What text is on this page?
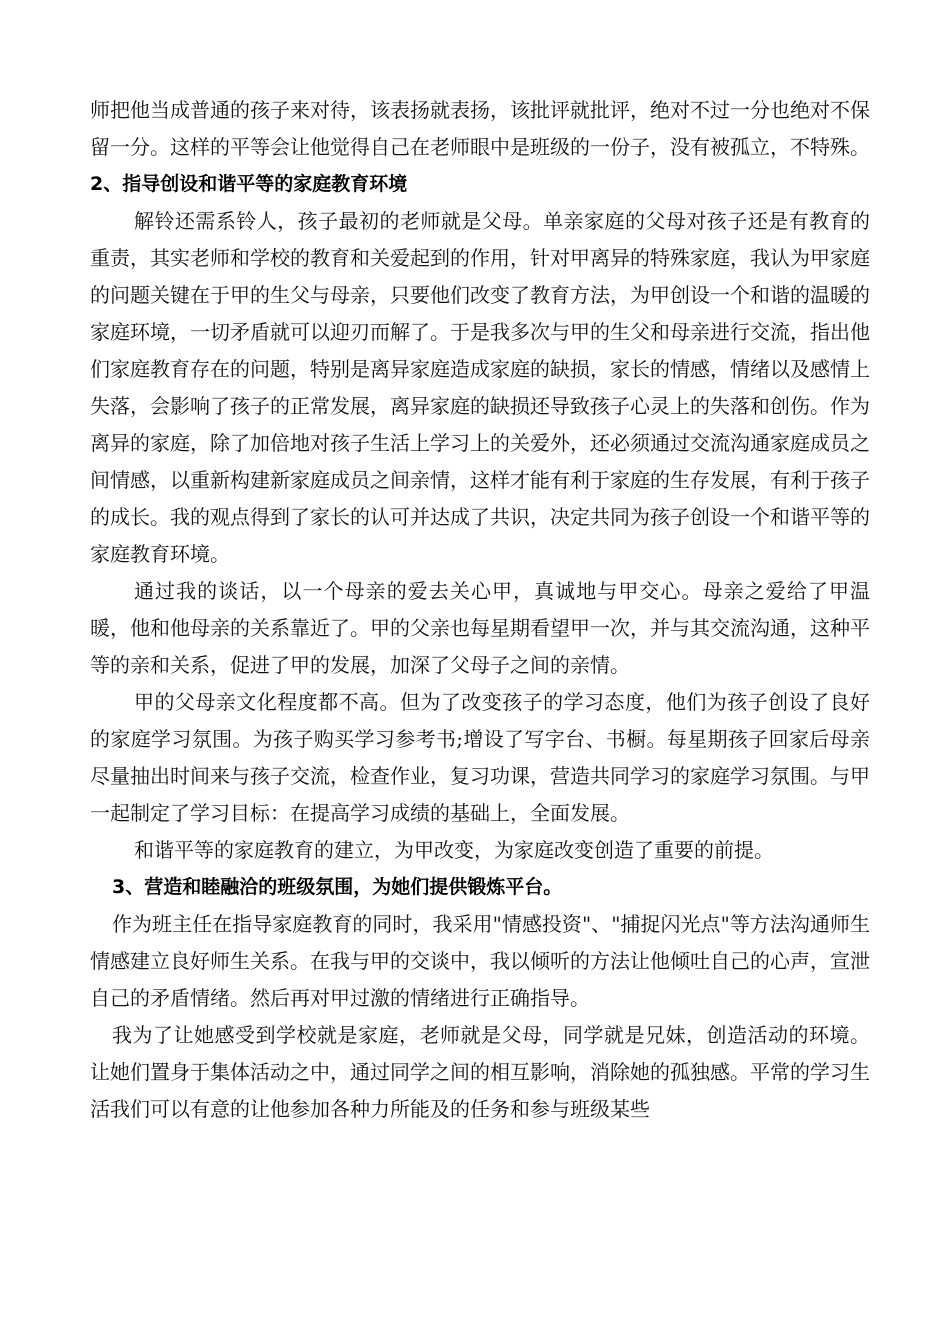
师把他当成普通的孩子来对待，该表扬就表扬，该批评就批评，绝对不过一分也绝对不保留一分。这样的平等会让他觉得自己在老师眼中是班级的一份子，没有被孤立，不特殊。

2、指导创设和谐平等的家庭教育环境

解铃还需系铃人，孩子最初的老师就是父母。单亲家庭的父母对孩子还是有教育的重责，其实老师和学校的教育和关爱起到的作用，针对甲离异的特殊家庭，我认为甲家庭的问题关键在于甲的生父与母亲，只要他们改变了教育方法，为甲创设一个和谐的温暖的家庭环境，一切矛盾就可以迎刃而解了。于是我多次与甲的生父和母亲进行交流，指出他们家庭教育存在的问题，特别是离异家庭造成家庭的缺损，家长的情感，情绪以及感情上失落，会影响了孩子的正常发展，离异家庭的缺损还导致孩子心灵上的失落和创伤。作为离异的家庭，除了加倍地对孩子生活上学习上的关爱外，还必须通过交流沟通家庭成员之间情感，以重新构建新家庭成员之间亲情，这样才能有利于家庭的生存发展，有利于孩子的成长。我的观点得到了家长的认可并达成了共识，决定共同为孩子创设一个和谐平等的家庭教育环境。

通过我的谈话，以一个母亲的爱去关心甲，真诚地与甲交心。母亲之爱给了甲温暖，他和他母亲的关系靠近了。甲的父亲也每星期看望甲一次，并与其交流沟通，这种平等的亲和关系，促进了甲的发展，加深了父母子之间的亲情。

甲的父母亲文化程度都不高。但为了改变孩子的学习态度，他们为孩子创设了良好的家庭学习氛围。为孩子购买学习参考书;增设了写字台、书橱。每星期孩子回家后母亲尽量抽出时间来与孩子交流，检查作业，复习功课，营造共同学习的家庭学习氛围。与甲一起制定了学习目标：在提高学习成绩的基础上，全面发展。

和谐平等的家庭教育的建立，为甲改变，为家庭改变创造了重要的前提。

3、营造和睦融洽的班级氛围，为她们提供锻炼平台。

作为班主任在指导家庭教育的同时，我采用"情感投资"、"捕捉闪光点"等方法沟通师生情感建立良好师生关系。在我与甲的交谈中，我以倾听的方法让他倾吐自己的心声，宣泄自己的矛盾情绪。然后再对甲过激的情绪进行正确指导。

我为了让她感受到学校就是家庭，老师就是父母，同学就是兄妹，创造活动的环境。让她们置身于集体活动之中，通过同学之间的相互影响，消除她的孤独感。平常的学习生活我们可以有意的让他参加各种力所能及的任务和参与班级某些
